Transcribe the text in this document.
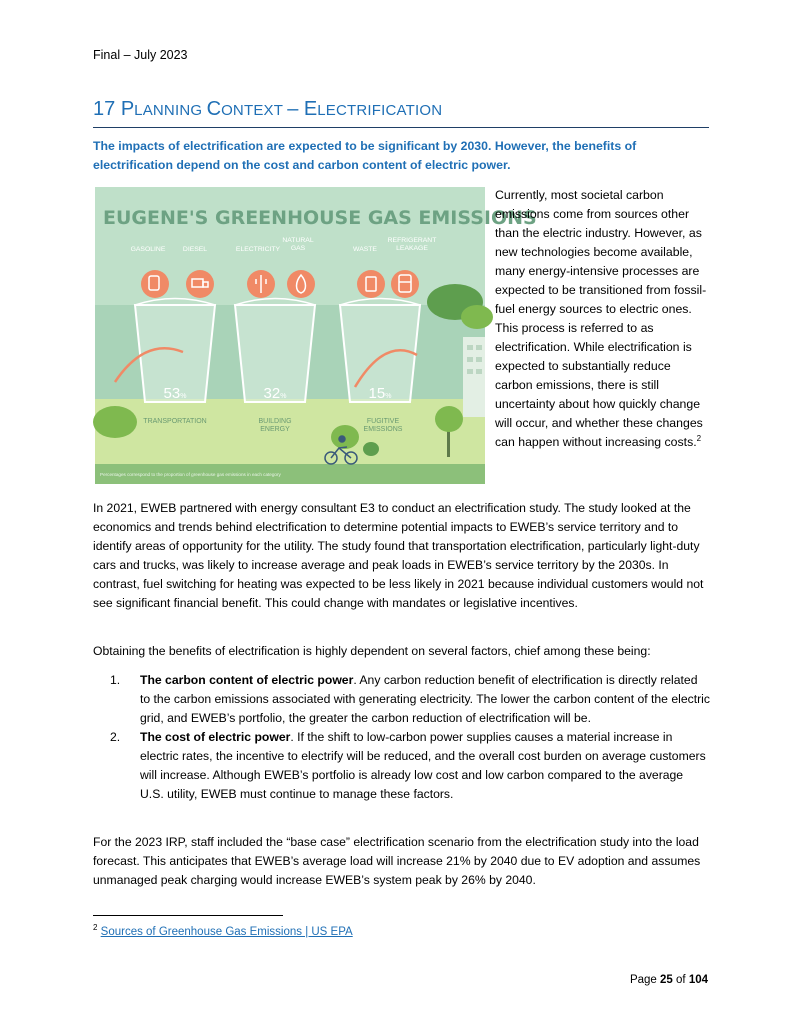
Final – July 2023
17 PLANNING CONTEXT – ELECTRIFICATION
The impacts of electrification are expected to be significant by 2030. However, the benefits of electrification depend on the cost and carbon content of electric power.
EUGENE'S GREENHOUSE GAS EMISSIONS
GASOLINE	DIESEL	ELECTRICITY
NATURAL
GAS	WASTE
REFRIGERANT
LEAKAGE
53%	32%	15%
TRANSPORTATION	BUILDING
ENERGY
FUGITIVE
EMISSIONS
Percentages correspond to the proportion of greenhouse gas emissions in each category
Currently, most societal carbon emissions come from sources other than the electric industry. However, as new technologies become available, many energy-intensive processes are expected to be transitioned from fossil-fuel energy sources to electric ones. This process is referred to as electrification. While electrification is expected to substantially reduce carbon emissions, there is still uncertainty about how quickly change will occur, and whether these changes can happen without increasing costs.$^2$
In 2021, EWEB partnered with energy consultant E3 to conduct an electrification study. The study looked at the economics and trends behind electrification to determine potential impacts to EWEB’s service territory and to identify areas of opportunity for the utility. The study found that transportation electrification, particularly light-duty cars and trucks, was likely to increase average and peak loads in EWEB’s service territory by the 2030s. In contrast, fuel switching for heating was expected to be less likely in 2021 because individual customers would not see significant financial benefit. This could change with mandates or legislative incentives.
Obtaining the benefits of electrification is highly dependent on several factors, chief among these being:
1.	The carbon content of electric power. Any carbon reduction benefit of electrification is directly related to the carbon emissions associated with generating electricity. The lower the carbon content of the electric grid, and EWEB’s portfolio, the greater the carbon reduction of electrification will be.
2.	The cost of electric power. If the shift to low-carbon power supplies causes a material increase in electric rates, the incentive to electrify will be reduced, and the overall cost burden on average customers will increase. Although EWEB’s portfolio is already low cost and low carbon compared to the average U.S. utility, EWEB must continue to manage these factors.
For the 2023 IRP, staff included the “base case” electrification scenario from the electrification study into the load forecast. This anticipates that EWEB’s average load will increase 21% by 2040 due to EV adoption and assumes unmanaged peak charging would increase EWEB’s system peak by 26% by 2040.
$^2$ Sources of Greenhouse Gas Emissions | US EPA
Page 25 of 104
